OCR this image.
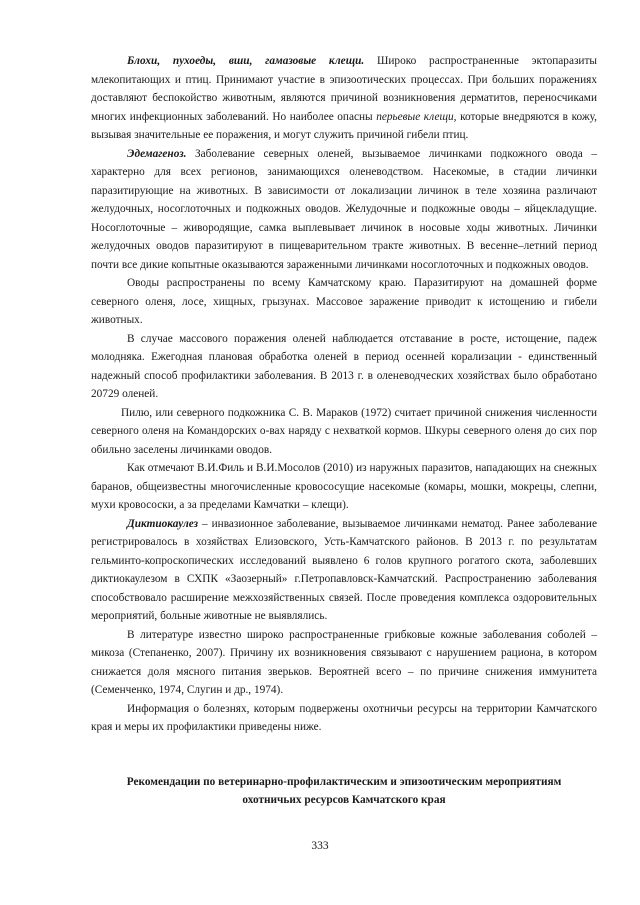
Блохи, пухоеды, вши, гамазовые клещи. Широко распространенные эктопаразиты млекопитающих и птиц. Принимают участие в эпизоотических процессах. При больших поражениях доставляют беспокойство животным, являются причиной возникновения дерматитов, переносчиками многих инфекционных заболеваний. Но наиболее опасны перьевые клещи, которые внедряются в кожу, вызывая значительные ее поражения, и могут служить причиной гибели птиц.

Эдемагеноз. Заболевание северных оленей, вызываемое личинками подкожного овода – характерно для всех регионов, занимающихся оленеводством. Насекомые, в стадии личинки паразитирующие на животных. В зависимости от локализации личинок в теле хозяина различают желудочных, носоглоточных и подкожных оводов. Желудочные и подкожные оводы – яйцекладущие. Носоглоточные – живородящие, самка выплевывает личинок в носовые ходы животных. Личинки желудочных оводов паразитируют в пищеварительном тракте животных. В весенне–летний период почти все дикие копытные оказываются зараженными личинками носоглоточных и подкожных оводов.

Оводы распространены по всему Камчатскому краю. Паразитируют на домашней форме северного оленя, лосе, хищных, грызунах. Массовое заражение приводит к истощению и гибели животных.

В случае массового поражения оленей наблюдается отставание в росте, истощение, падеж молодняка. Ежегодная плановая обработка оленей в период осенней корализации - единственный надежный способ профилактики заболевания. В 2013 г. в оленеводческих хозяйствах было обработано 20729 оленей.

Пилю, или северного подкожника С. В. Мараков (1972) считает причиной снижения численности северного оленя на Командорских о-вах наряду с нехваткой кормов. Шкуры северного оленя до сих пор обильно заселены личинками оводов.

Как отмечают В.И.Филь и В.И.Мосолов (2010) из наружных паразитов, нападающих на снежных баранов, общеизвестны многочисленные кровососущие насекомые (комары, мошки, мокрецы, слепни, мухи кровососки, а за пределами Камчатки – клещи).

Диктиокаулез – инвазионное заболевание, вызываемое личинками нематод. Ранее заболевание регистрировалось в хозяйствах Елизовского, Усть-Камчатского районов. В 2013 г. по результатам гельминто-копроскопических исследований выявлено 6 голов крупного рогатого скота, заболевших диктиокаулезом в СХПК «Заозерный» г.Петропавловск-Камчатский. Распространению заболевания способствовало расширение межхозяйственных связей. После проведения комплекса оздоровительных мероприятий, больные животные не выявлялись.

В литературе известно широко распространенные грибковые кожные заболевания соболей – микоза (Степаненко, 2007). Причину их возникновения связывают с нарушением рациона, в котором снижается доля мясного питания зверьков. Вероятней всего – по причине снижения иммунитета (Семенченко, 1974, Слугин и др., 1974).

Информация о болезнях, которым подвержены охотничьи ресурсы на территории Камчатского края и меры их профилактики приведены ниже.

Рекомендации по ветеринарно-профилактическим и эпизоотическим мероприятиям
охотничьих ресурсов Камчатского края
333
